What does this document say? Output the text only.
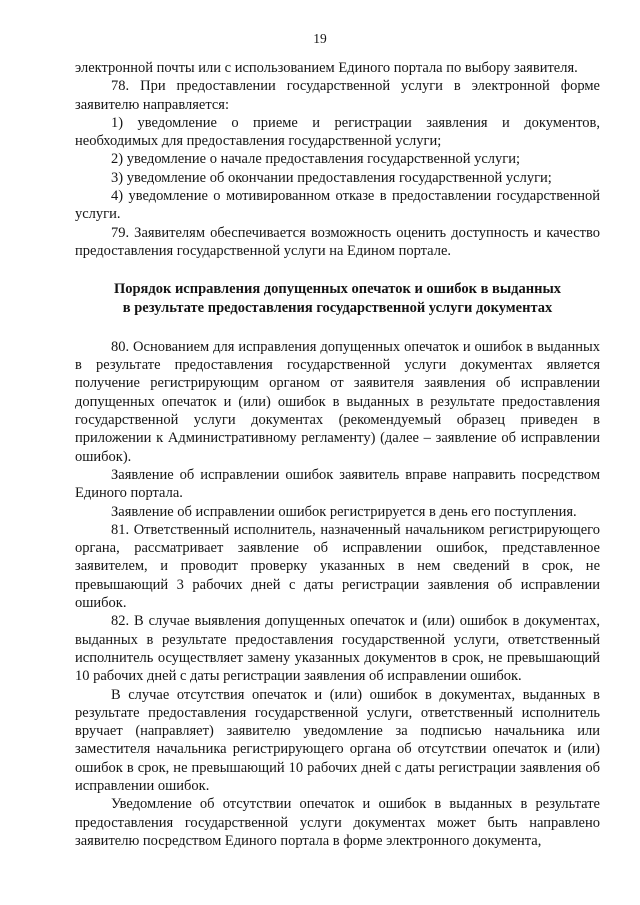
19

электронной почты или с использованием Единого портала по выбору заявителя.

78. При предоставлении государственной услуги в электронной форме заявителю направляется:

1) уведомление о приеме и регистрации заявления и документов, необходимых для предоставления государственной услуги;

2) уведомление о начале предоставления государственной услуги;

3) уведомление об окончании предоставления государственной услуги;

4) уведомление о мотивированном отказе в предоставлении государственной услуги.

79. Заявителям обеспечивается возможность оценить доступность и качество предоставления государственной услуги на Едином портале.

Порядок исправления допущенных опечаток и ошибок в выданных
в результате предоставления государственной услуги документах

80. Основанием для исправления допущенных опечаток и ошибок в выданных в результате предоставления государственной услуги документах является получение регистрирующим органом от заявителя заявления об исправлении допущенных опечаток и (или) ошибок в выданных в результате предоставления государственной услуги документах (рекомендуемый образец приведен в приложении к Административному регламенту) (далее – заявление об исправлении ошибок).

Заявление об исправлении ошибок заявитель вправе направить посредством Единого портала.

Заявление об исправлении ошибок регистрируется в день его поступления.

81. Ответственный исполнитель, назначенный начальником регистрирующего органа, рассматривает заявление об исправлении ошибок, представленное заявителем, и проводит проверку указанных в нем сведений в срок, не превышающий 3 рабочих дней с даты регистрации заявления об исправлении ошибок.

82. В случае выявления допущенных опечаток и (или) ошибок в документах, выданных в результате предоставления государственной услуги, ответственный исполнитель осуществляет замену указанных документов в срок, не превышающий 10 рабочих дней с даты регистрации заявления об исправлении ошибок.

В случае отсутствия опечаток и (или) ошибок в документах, выданных в результате предоставления государственной услуги, ответственный исполнитель вручает (направляет) заявителю уведомление за подписью начальника или заместителя начальника регистрирующего органа об отсутствии опечаток и (или) ошибок в срок, не превышающий 10 рабочих дней с даты регистрации заявления об исправлении ошибок.

Уведомление об отсутствии опечаток и ошибок в выданных в результате предоставления государственной услуги документах может быть направлено заявителю посредством Единого портала в форме электронного документа,
